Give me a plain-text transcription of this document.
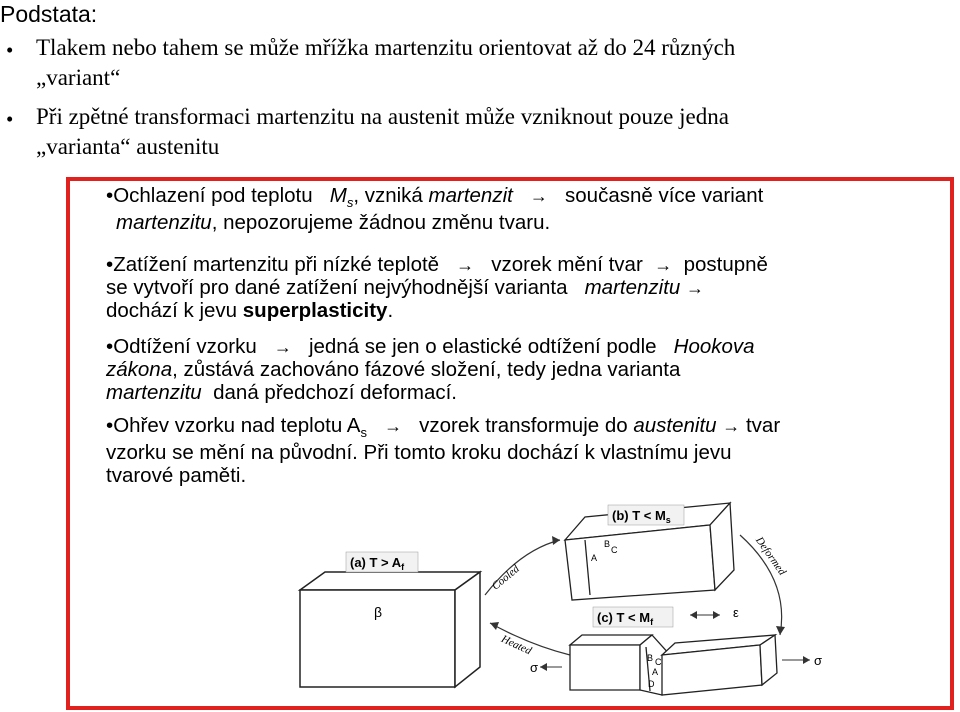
Podstata:
• Tlakem nebo tahem se může mřížka martenzitu orientovat až do 24 různých
„variant“
• Při zpětné transformaci martenzitu na austenit může vzniknout pouze jedna
„varianta“ austenitu
•Ochlazení pod teplotu $M_s$, vzniká martenzit → současně více variant
martenzitu, nepozorujeme žádnou změnu tvaru.
•Zatížení martenzitu při nízké teplotě → vzorek mění tvar → postupně
se vytvoří pro dané zatížení nejvýhodnější varianta martenzitu →
dochází k jevu superplasticity.
•Odtížení vzorku → jedná se jen o elastické odtížení podle Hookova
zákona, zůstává zachováno fázové složení, tedy jedna varianta
martenzitu daná předchozí deformací.
•Ohřev vzorku nad teplotu $A_s$ → vzorek transformuje do austenitu → tvar
vzorku se mění na původní. Při tomto kroku dochází k vlastnímu jevu
tvarové paměti.
(a) $T > A_f$
β
Cooled
Heated
(b) $T < M_s$
A
C
B	Deformed
(c) $T < M_f$
ε
B C
D
A
σ	σ
